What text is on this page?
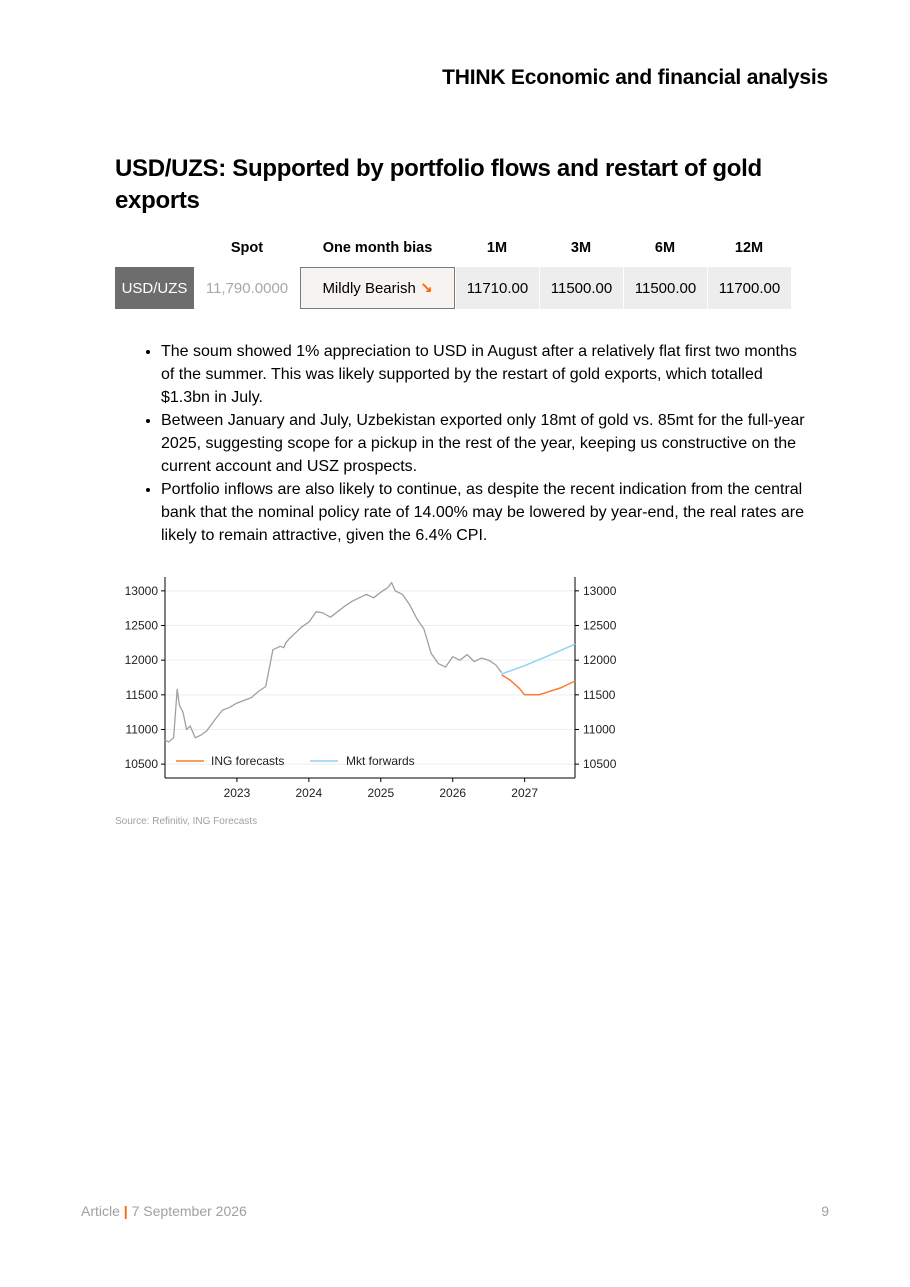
THINK Economic and financial analysis
USD/UZS: Supported by portfolio flows and restart of gold exports
	Spot	One month bias	1M	3M	6M	12M
USD/UZS	11,790.0000	Mildly Bearish ↘	11710.00	11500.00	11500.00	11700.00
• The soum showed 1% appreciation to USD in August after a relatively flat first two months of the summer. This was likely supported by the restart of gold exports, which totalled $1.3bn in July.
• Between January and July, Uzbekistan exported only 18mt of gold vs. 85mt for the full-year 2025, suggesting scope for a pickup in the rest of the year, keeping us constructive on the current account and USZ prospects.
• Portfolio inflows are also likely to continue, as despite the recent indication from the central bank that the nominal policy rate of 14.00% may be lowered by year-end, the real rates are likely to remain attractive, given the 6.4% CPI.
10500	10500
11000	11000
11500	11500
12000	12000
12500	12500
13000	13000
2023	2024	2025	2026	2027
ING forecasts	Mkt forwards
Source: Refinitiv, ING Forecasts
Article | 7 September 2026	9
